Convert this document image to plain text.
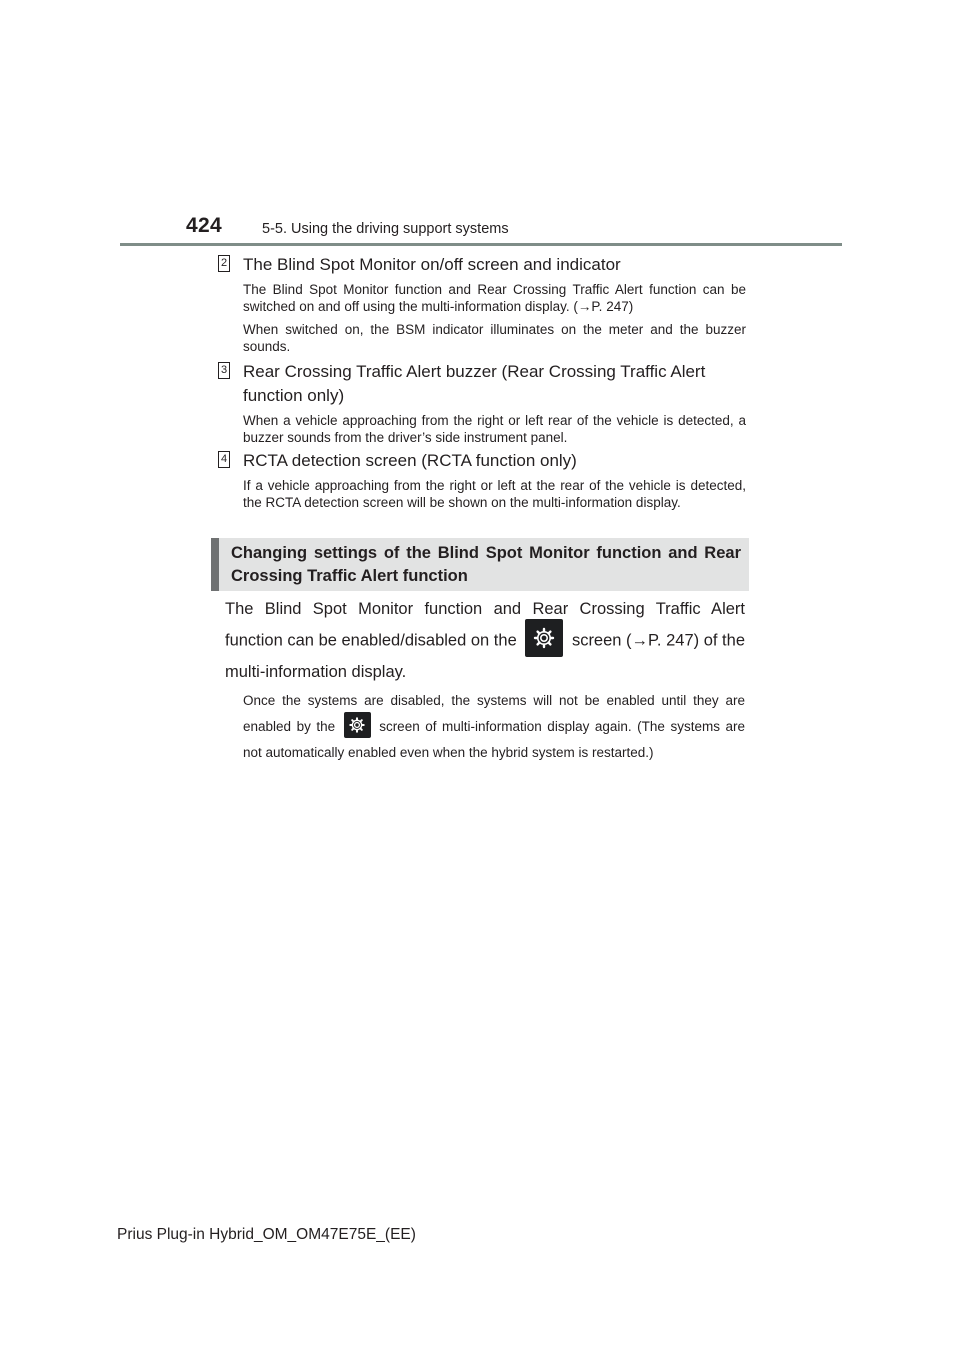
424	5-5. Using the driving support systems
2 The Blind Spot Monitor on/off screen and indicator

The Blind Spot Monitor function and Rear Crossing Traffic Alert function can be switched on and off using the multi-information display. (→P. 247)

When switched on, the BSM indicator illuminates on the meter and the buzzer sounds.

3 Rear Crossing Traffic Alert buzzer (Rear Crossing Traffic Alert function only)

When a vehicle approaching from the right or left rear of the vehicle is detected, a buzzer sounds from the driver’s side instrument panel.

4 RCTA detection screen (RCTA function only)

If a vehicle approaching from the right or left at the rear of the vehicle is detected, the RCTA detection screen will be shown on the multi-information display.

Changing settings of the Blind Spot Monitor function and Rear Crossing Traffic Alert function
The Blind Spot Monitor function and Rear Crossing Traffic Alert function can be enabled/disabled on the	screen (→P. 247) of the multi-information display.
Once the systems are disabled, the systems will not be enabled until they are enabled by the	screen of multi-information display again. (The systems are not automatically enabled even when the hybrid system is restarted.)
Prius Plug-in Hybrid_OM_OM47E75E_(EE)
